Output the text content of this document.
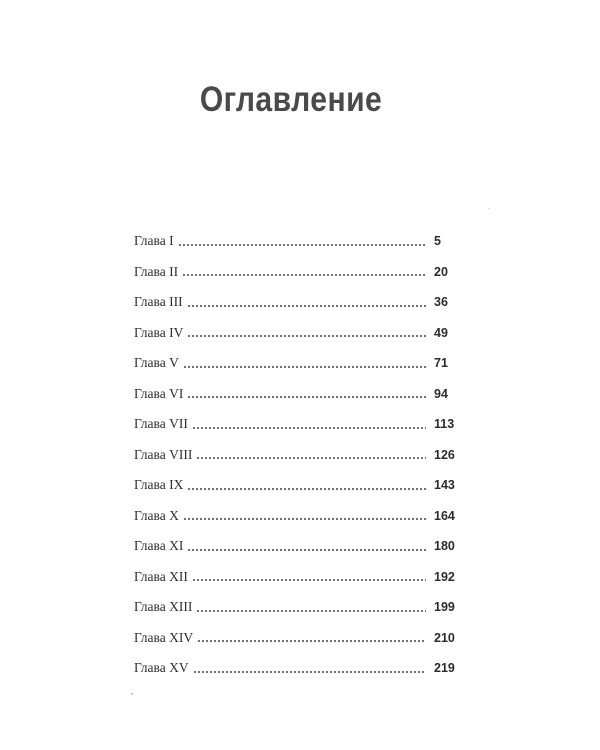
Оглавление
Глава I	5
Глава II	20
Глава III	36
Глава IV	49
Глава V	71
Глава VI	94
Глава VII	113
Глава VIII	126
Глава IX	143
Глава X	164
Глава XI	180
Глава XII	192
Глава XIII	199
Глава XIV	210
Глава XV	219
